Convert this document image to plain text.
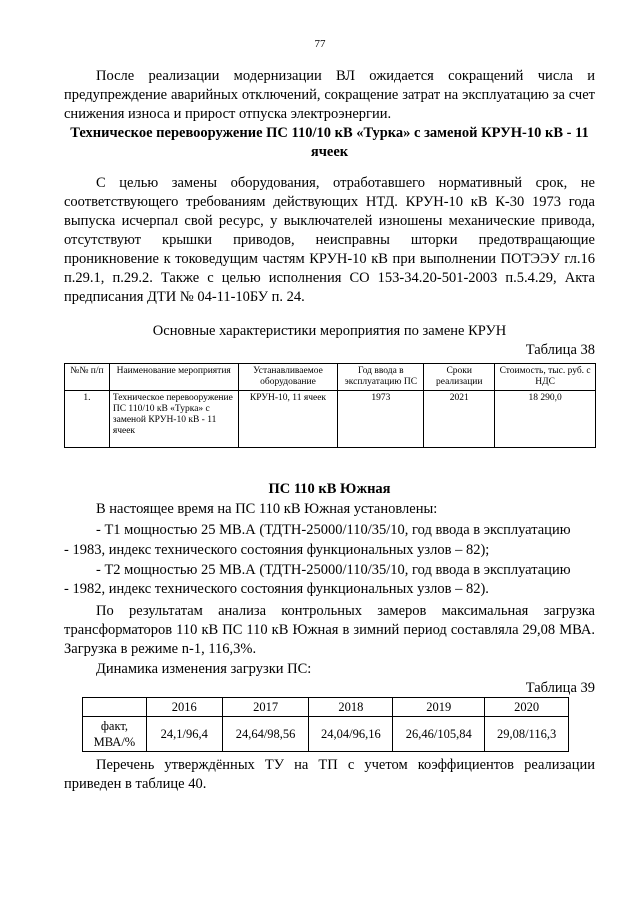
77
После реализации модернизации ВЛ ожидается сокращений числа и предупреждение аварийных отключений, сокращение затрат на эксплуатацию за счет снижения износа и прирост отпуска электроэнергии.
Техническое перевооружение ПС 110/10 кВ «Турка» с заменой КРУН-10 кВ - 11 ячеек
С целью замены оборудования, отработавшего нормативный срок, не соответствующего требованиям действующих НТД. КРУН-10 кВ К-30 1973 года выпуска исчерпал свой ресурс, у выключателей изношены механические привода, отсутствуют крышки приводов, неисправны шторки предотвращающие проникновение к токоведущим частям КРУН-10 кВ при выполнении ПОТЭЭУ гл.16 п.29.1, п.29.2. Также с целью исполнения СО 153-34.20-501-2003 п.5.4.29, Акта предписания ДТИ № 04-11-10БУ п. 24.
Основные характеристики мероприятия по замене КРУН
Таблица 38
№№ п/п	Наименование мероприятия	Устанавливаемое оборудование	Год ввода в эксплуатацию ПС	Сроки реализации	Стоимость, тыс. руб. с НДС
1.	Техническое перевооружение ПС 110/10 кВ «Турка» с заменой КРУН-10 кВ - 11 ячеек	КРУН-10, 11 ячеек	1973	2021	18 290,0
ПС 110 кВ Южная
В настоящее время на ПС 110 кВ Южная установлены:
- Т1 мощностью 25 МВ.А (ТДТН-25000/110/35/10, год ввода в эксплуатацию
- 1983, индекс технического состояния функциональных узлов – 82);
- Т2 мощностью 25 МВ.А (ТДТН-25000/110/35/10, год ввода в эксплуатацию
- 1982, индекс технического состояния функциональных узлов – 82).
По результатам анализа контрольных замеров максимальная загрузка трансформаторов 110 кВ ПС 110 кВ Южная в зимний период составляла 29,08 МВА. Загрузка в режиме n-1, 116,3%.
Динамика изменения загрузки ПС:
Таблица 39
	2016	2017	2018	2019	2020
факт, МВА/%	24,1/96,4	24,64/98,56	24,04/96,16	26,46/105,84	29,08/116,3
Перечень утверждённых ТУ на ТП с учетом коэффициентов реализации приведен в таблице 40.
